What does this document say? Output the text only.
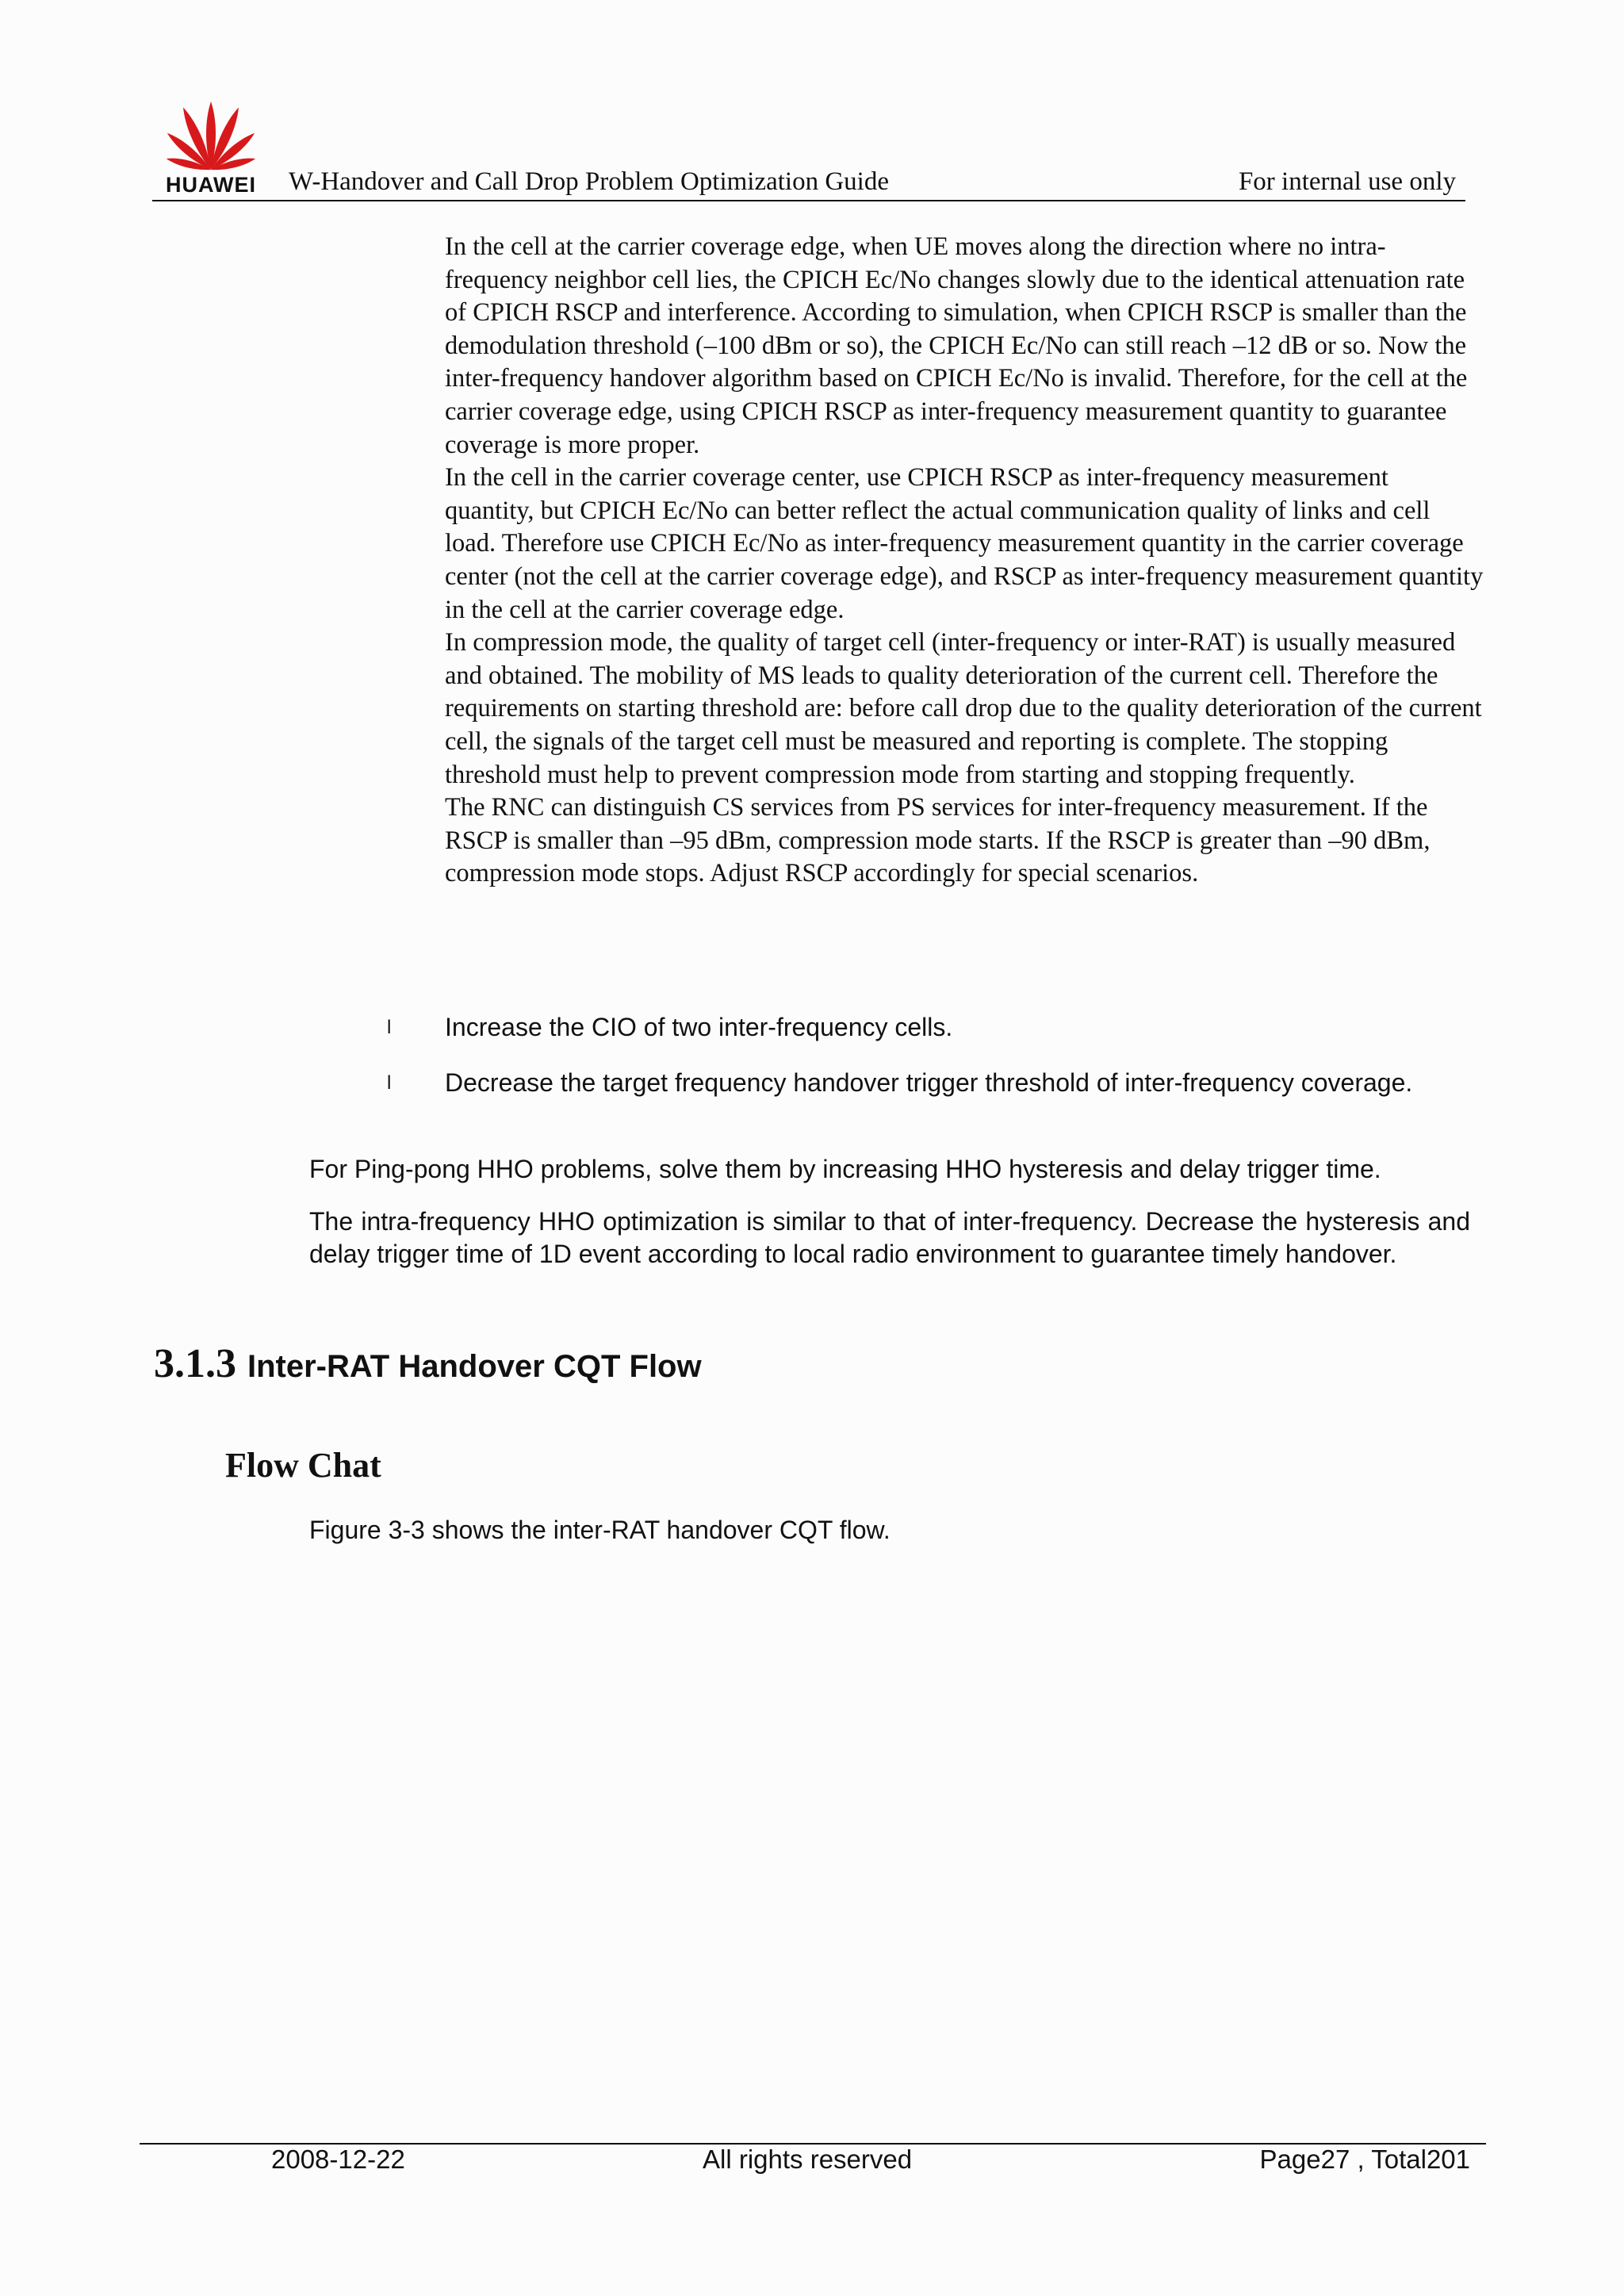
HUAWEI	W-Handover and Call Drop Problem Optimization Guide	For internal use only

In the cell at the carrier coverage edge, when UE moves along the direction where no intra-frequency neighbor cell lies, the CPICH Ec/No changes slowly due to the identical attenuation rate of CPICH RSCP and interference. According to simulation, when CPICH RSCP is smaller than the demodulation threshold (–100 dBm or so), the CPICH Ec/No can still reach –12 dB or so. Now the inter-frequency handover algorithm based on CPICH Ec/No is invalid. Therefore, for the cell at the carrier coverage edge, using CPICH RSCP as inter-frequency measurement quantity to guarantee coverage is more proper.

In the cell in the carrier coverage center, use CPICH RSCP as inter-frequency measurement quantity, but CPICH Ec/No can better reflect the actual communication quality of links and cell load. Therefore use CPICH Ec/No as inter-frequency measurement quantity in the carrier coverage center (not the cell at the carrier coverage edge), and RSCP as inter-frequency measurement quantity in the cell at the carrier coverage edge.

In compression mode, the quality of target cell (inter-frequency or inter-RAT) is usually measured and obtained. The mobility of MS leads to quality deterioration of the current cell. Therefore the requirements on starting threshold are: before call drop due to the quality deterioration of the current cell, the signals of the target cell must be measured and reporting is complete. The stopping threshold must help to prevent compression mode from starting and stopping frequently.

The RNC can distinguish CS services from PS services for inter-frequency measurement. If the RSCP is smaller than –95 dBm, compression mode starts. If the RSCP is greater than –90 dBm, compression mode stops. Adjust RSCP accordingly for special scenarios.

l Increase the CIO of two inter-frequency cells.
l Decrease the target frequency handover trigger threshold of inter-frequency coverage.

For Ping-pong HHO problems, solve them by increasing HHO hysteresis and delay trigger time.

The intra-frequency HHO optimization is similar to that of inter-frequency. Decrease the hysteresis and delay trigger time of 1D event according to local radio environment to guarantee timely handover.

3.1.3 Inter-RAT Handover CQT Flow
Flow Chat

Figure 3-3 shows the inter-RAT handover CQT flow.

2008-12-22	All rights reserved	Page27 , Total201
